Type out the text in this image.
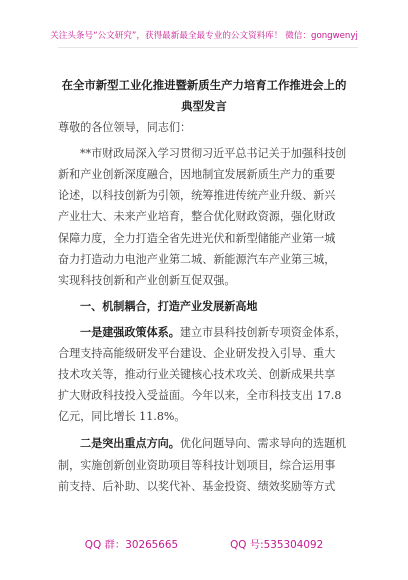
关注头条号“公文研究”，获得最新最全最专业的公文资料库！ 微信：gongwenyj
在全市新型工业化推进暨新质生产力培育工作推进会上的
典型发言
尊敬的各位领导，同志们：
**市财政局深入学习贯彻习近平总书记关于加强科技创
新和产业创新深度融合，因地制宜发展新质生产力的重要
论述，以科技创新为引领，统筹推进传统产业升级、新兴
产业壮大、未来产业培育，整合优化财政资源，强化财政
保障力度，全力打造全省先进光伏和新型储能产业第一城
奋力打造动力电池产业第二城、新能源汽车产业第三城，
实现科技创新和产业创新互促双强。
一、机制耦合，打造产业发展新高地
一是建强政策体系。建立市县科技创新专项资金体系，
合理支持高能级研发平台建设、企业研发投入引导、重大
技术攻关等，推动行业关键核心技术攻关、创新成果共享
扩大财政科技投入受益面。今年以来，全市科技支出 17.8
亿元，同比增长 11.8%。
二是突出重点方向。优化问题导向、需求导向的选题机
制，实施创新创业资助项目等科技计划项目，综合运用事
前支持、后补助、以奖代补、基金投资、绩效奖励等方式
QQ 群：30265665	QQ 号:535304092
